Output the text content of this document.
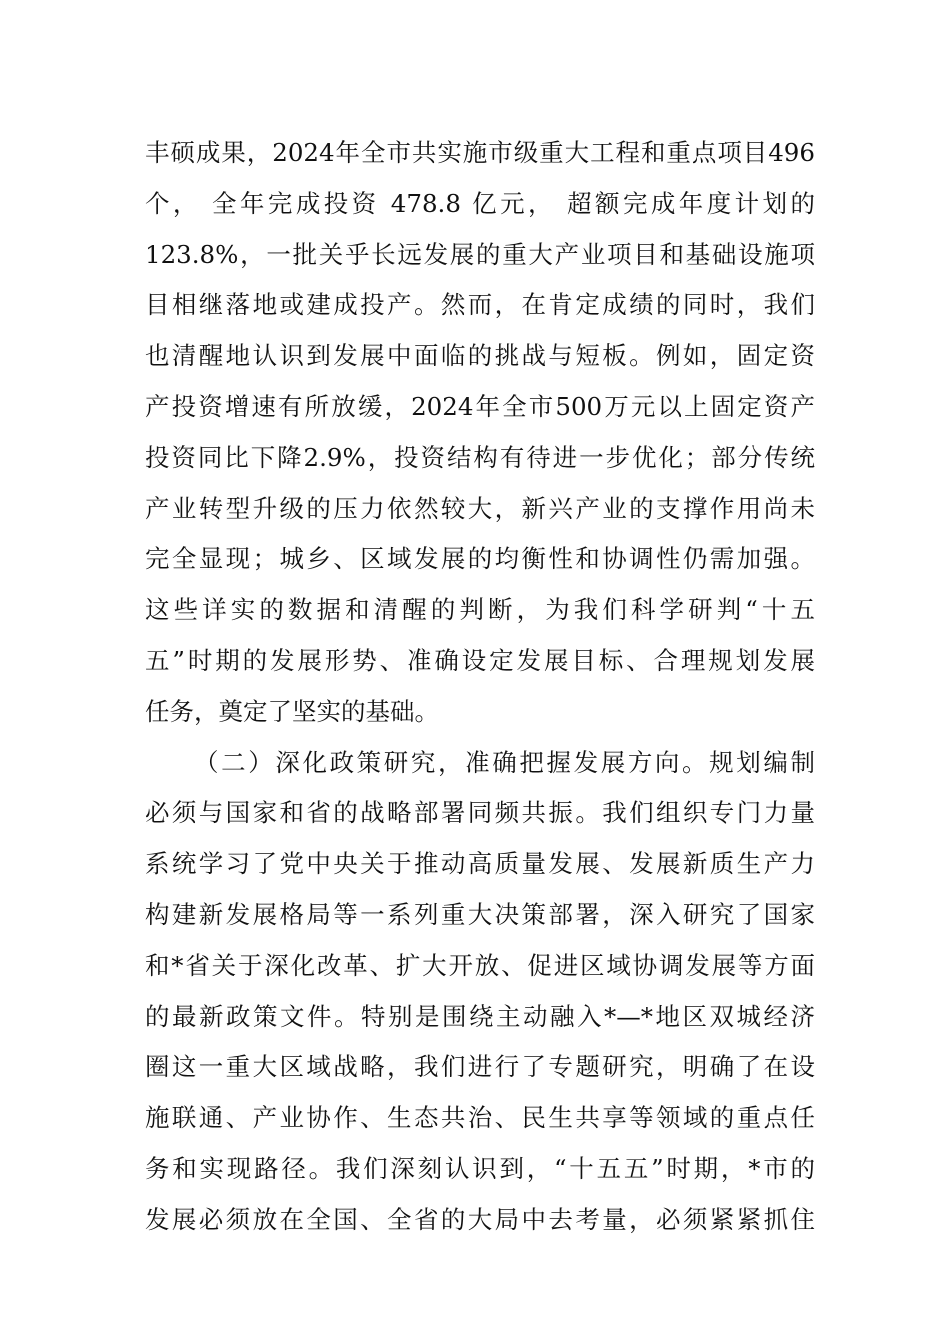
丰硕成果，2024年全市共实施市级重大工程和重点项目496
个， 全年完成投资 478.8 亿元， 超额完成年度计划的
123.8%，一批关乎长远发展的重大产业项目和基础设施项
目相继落地或建成投产。然而，在肯定成绩的同时，我们
也清醒地认识到发展中面临的挑战与短板。例如，固定资
产投资增速有所放缓，2024年全市500万元以上固定资产
投资同比下降2.9%，投资结构有待进一步优化；部分传统
产业转型升级的压力依然较大，新兴产业的支撑作用尚未
完全显现；城乡、区域发展的均衡性和协调性仍需加强。
这些详实的数据和清醒的判断，为我们科学研判“十五
五”时期的发展形势、准确设定发展目标、合理规划发展
任务，奠定了坚实的基础。
（二）深化政策研究，准确把握发展方向。规划编制
必须与国家和省的战略部署同频共振。我们组织专门力量
系统学习了党中央关于推动高质量发展、发展新质生产力
构建新发展格局等一系列重大决策部署，深入研究了国家
和*省关于深化改革、扩大开放、促进区域协调发展等方面
的最新政策文件。特别是围绕主动融入*—*地区双城经济
圈这一重大区域战略，我们进行了专题研究，明确了在设
施联通、产业协作、生态共治、民生共享等领域的重点任
务和实现路径。我们深刻认识到，“十五五”时期，*市的
发展必须放在全国、全省的大局中去考量，必须紧紧抓住
